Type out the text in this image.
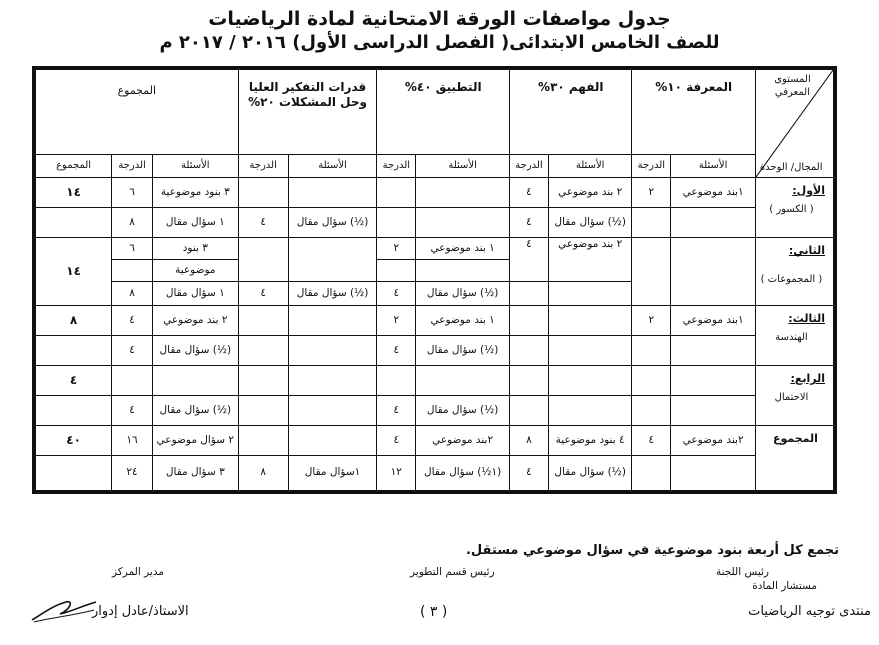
جدول مواصفات الورقة الامتحانية لمادة الرياضيات
للصف الخامس الابتدائى( الفصل الدراسى الأول) ٢٠١٦ / ٢٠١٧ م
المستوى المعرفي
المجال/ الوحدة	المعرفة ١٠%		الفهم ٣٠%		التطبيق ٤٠%		قدرات التفكير العليا وحل المشكلات ٢٠%		المجموع		
	الأسئلة	الدرجة	الأسئلة	الدرجة	الأسئلة	الدرجة	الأسئلة	الدرجة	الأسئلة	الدرجة	المجموع

الأول:
( الكسور )	١بند موضوعي	٢	٢ بند موضوعي	٤					٣ بنود موضوعية	٦	١٤
			(½) سؤال مقال	٤			(½) سؤال مقال	٤	١ سؤال مقال	٨	

الثاني:
( المجموعات )			٢ بند موضوعي	٤	١ بند موضوعي	٢			٣ بنود	٦	١٤
									موضوعية		
					(½) سؤال مقال	٤	(½) سؤال مقال	٤	١ سؤال مقال	٨	

الثالث:
الهندسة	١بند موضوعي	٢			١ بند موضوعي	٢			٢ بند موضوعي	٤	٨
					(½) سؤال مقال	٤			(½) سؤال مقال	٤	

الرابع:
الاحتمال											٤
					(½) سؤال مقال	٤			(½) سؤال مقال	٤	

المجموع	٢بند موضوعي	٤	٤ بنود موضوعية	٨	٢بند موضوعي	٤			٢ سؤال موضوعي	١٦	٤٠
			(½) سؤال مقال	٤	(١½) سؤال مقال	١٢	١سؤال مقال	٨	٣ سؤال مقال	٢٤	
تجمع كل أربعة بنود موضوعية في سؤال موضوعي مستقل.
رئيس اللجنة
مستشار المادة
رئيس قسم التطوير
مدير المركز
منتدى توجيه الرياضيات
( ٣ )
الاستاذ/عادل إدوار
